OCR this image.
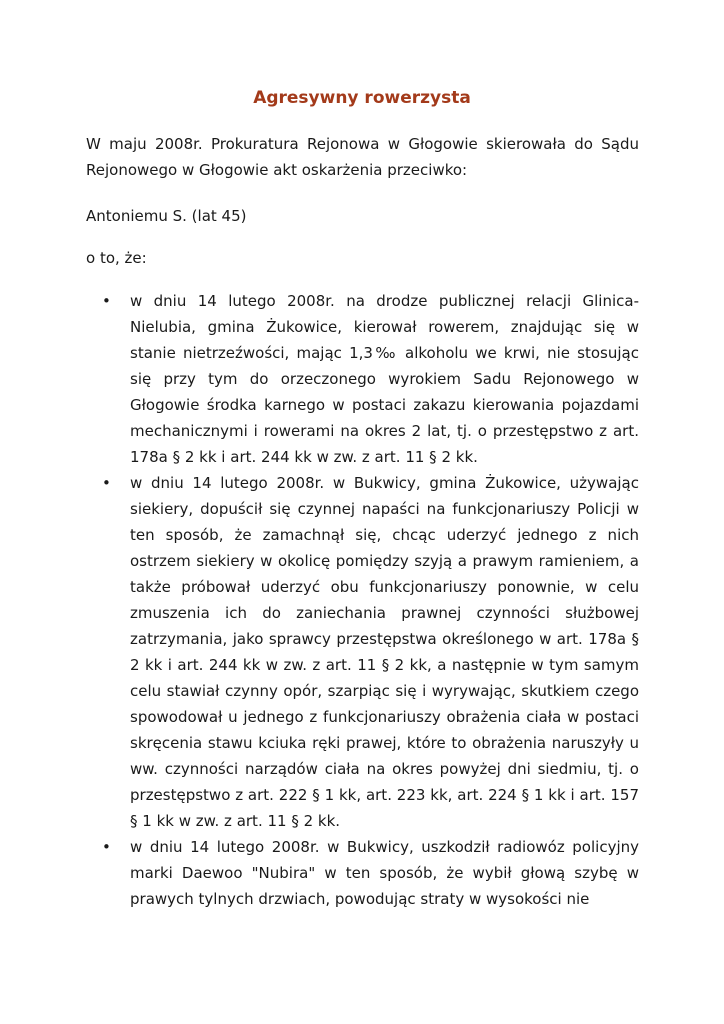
Agresywny rowerzysta

W maju 2008r. Prokuratura Rejonowa w Głogowie skierowała do Sądu Rejonowego w Głogowie akt oskarżenia przeciwko:

Antoniemu S. (lat 45)

o to, że:

• w dniu 14 lutego 2008r. na drodze publicznej relacji Glinica-Nielubia, gmina Żukowice, kierował rowerem, znajdując się w stanie nietrzeźwości, mając 1,3‰ alkoholu we krwi, nie stosując się przy tym do orzeczonego wyrokiem Sadu Rejonowego w Głogowie środka karnego w postaci zakazu kierowania pojazdami mechanicznymi i rowerami na okres 2 lat, tj. o przestępstwo z art. 178a § 2 kk i art. 244 kk w zw. z art. 11 § 2 kk.
• w dniu 14 lutego 2008r. w Bukwicy, gmina Żukowice, używając siekiery, dopuścił się czynnej napaści na funkcjonariuszy Policji w ten sposób, że zamachnął się, chcąc uderzyć jednego z nich ostrzem siekiery w okolicę pomiędzy szyją a prawym ramieniem, a także próbował uderzyć obu funkcjonariuszy ponownie, w celu zmuszenia ich do zaniechania prawnej czynności służbowej zatrzymania, jako sprawcy przestępstwa określonego w art. 178a § 2 kk i art. 244 kk w zw. z art. 11 § 2 kk, a następnie w tym samym celu stawiał czynny opór, szarpiąc się i wyrywając, skutkiem czego spowodował u jednego z funkcjonariuszy obrażenia ciała w postaci skręcenia stawu kciuka ręki prawej, które to obrażenia naruszyły u ww. czynności narządów ciała na okres powyżej dni siedmiu, tj. o przestępstwo z art. 222 § 1 kk, art. 223 kk, art. 224 § 1 kk i art. 157 § 1 kk w zw. z art. 11 § 2 kk.
• w dniu 14 lutego 2008r. w Bukwicy, uszkodził radiowóz policyjny marki Daewoo "Nubira" w ten sposób, że wybił głową szybę w prawych tylnych drzwiach, powodując straty w wysokości nie
